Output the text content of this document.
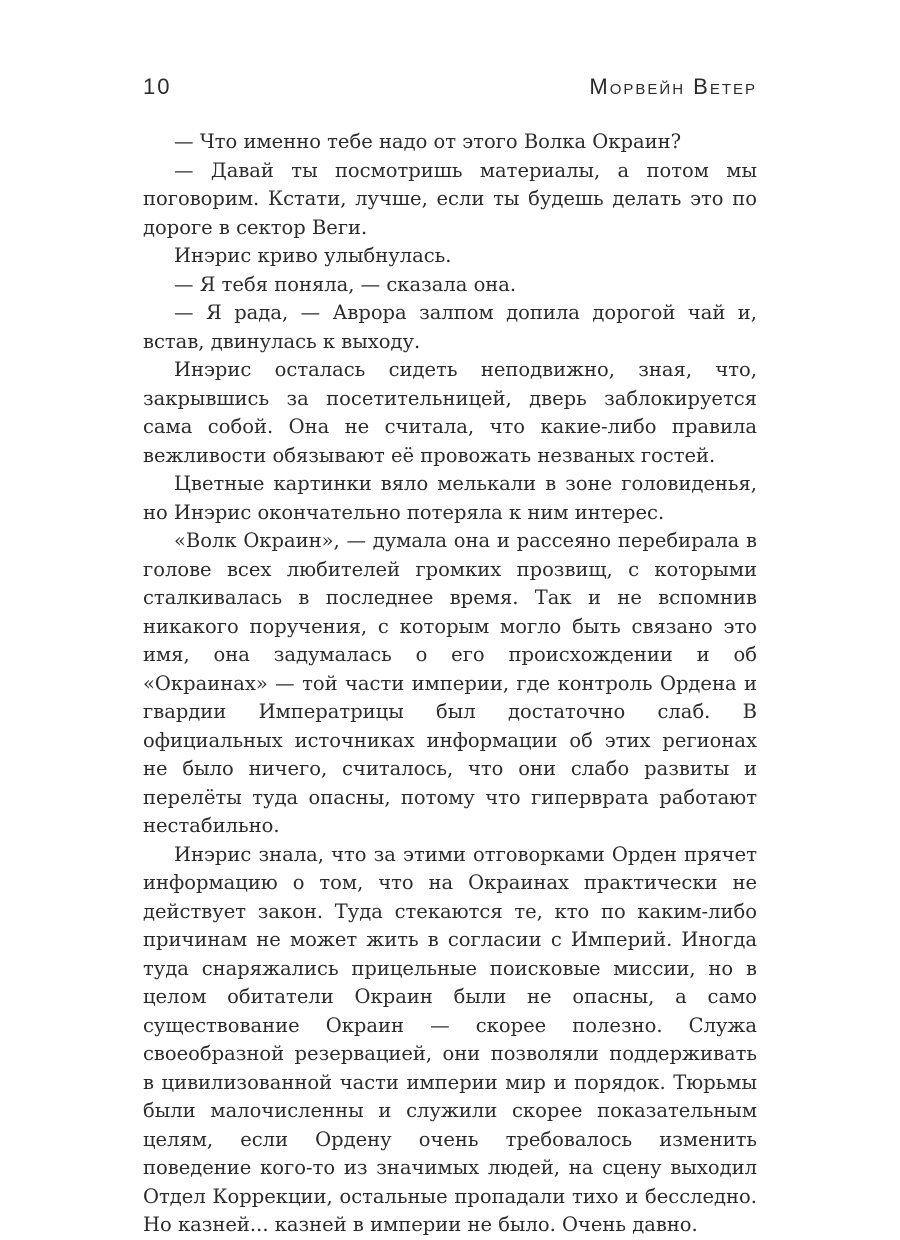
10	Морвейн Ветер

— Что именно тебе надо от этого Волка Окраин?

— Давай ты посмотришь материалы, а потом мы поговорим. Кстати, лучше, если ты будешь делать это по дороге в сектор Веги.

Инэрис криво улыбнулась.

— Я тебя поняла, — сказала она.

— Я рада, — Аврора залпом допила дорогой чай и, встав, двинулась к выходу.

Инэрис осталась сидеть неподвижно, зная, что, закрывшись за посетительницей, дверь заблокируется сама собой. Она не считала, что какие-либо правила вежливости обязывают её провожать незваных гостей.

Цветные картинки вяло мелькали в зоне головиденья, но Инэрис окончательно потеряла к ним интерес.

«Волк Окраин», — думала она и рассеяно перебирала в голове всех любителей громких прозвищ, с которыми сталкивалась в последнее время. Так и не вспомнив никакого поручения, с которым могло быть связано это имя, она задумалась о его происхождении и об «Окраинах» — той части империи, где контроль Ордена и гвардии Императрицы был достаточно слаб. В официальных источниках информации об этих регионах не было ничего, считалось, что они слабо развиты и перелёты туда опасны, потому что гиперврата работают нестабильно.

Инэрис знала, что за этими отговорками Орден прячет информацию о том, что на Окраинах практически не действует закон. Туда стекаются те, кто по каким-либо причинам не может жить в согласии с Империй. Иногда туда снаряжались прицельные поисковые миссии, но в целом обитатели Окраин были не опасны, а само существование Окраин — скорее полезно. Служа своеобразной резервацией, они позволяли поддерживать в цивилизованной части империи мир и порядок. Тюрьмы были малочисленны и служили скорее показательным целям, если Ордену очень требовалось изменить поведение кого-то из значимых людей, на сцену выходил Отдел Коррекции, остальные пропадали тихо и бесследно. Но казней... казней в империи не было. Очень давно.
